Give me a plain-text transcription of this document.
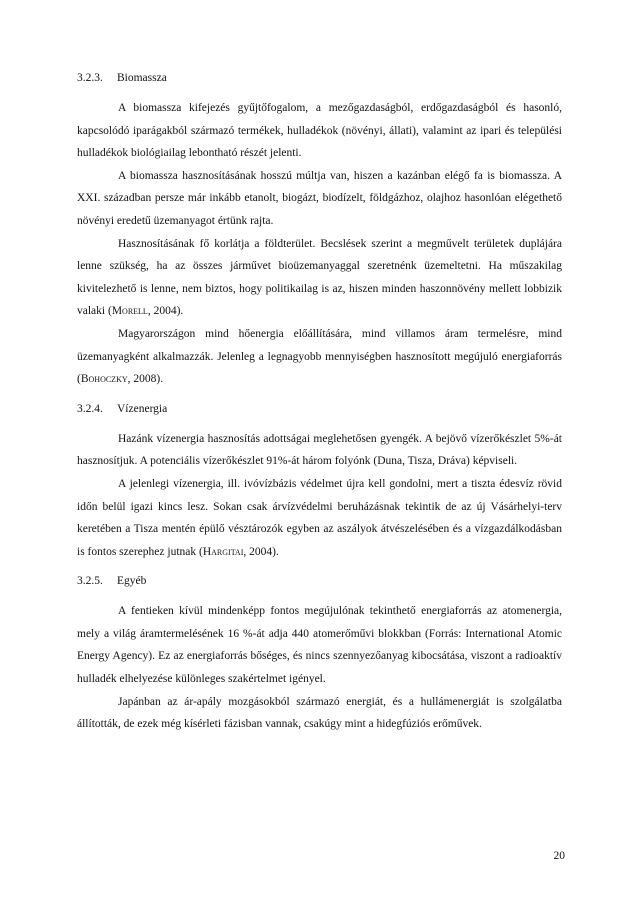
3.2.3. Biomassza

A biomassza kifejezés gyűjtőfogalom, a mezőgazdaságból, erdőgazdaságból és hasonló, kapcsolódó iparágakból származó termékek, hulladékok (növényi, állati), valamint az ipari és települési hulladékok biológiailag lebontható részét jelenti.

A biomassza hasznosításának hosszú múltja van, hiszen a kazánban elégő fa is biomassza. A XXI. században persze már inkább etanolt, biogázt, biodízelt, földgázhoz, olajhoz hasonlóan elégethető növényi eredetű üzemanyagot értünk rajta.

Hasznosításának fő korlátja a földterület. Becslések szerint a megművelt területek duplájára lenne szükség, ha az összes járművet bioüzemanyaggal szeretnénk üzemeltetni. Ha műszakilag kivitelezhető is lenne, nem biztos, hogy politikailag is az, hiszen minden haszonnövény mellett lobbizik valaki (Morell, 2004).

Magyarországon mind hőenergia előállítására, mind villamos áram termelésre, mind üzemanyagként alkalmazzák. Jelenleg a legnagyobb mennyiségben hasznosított megújuló energiaforrás (Bohoczky, 2008).

3.2.4. Vízenergia

Hazánk vízenergia hasznosítás adottságai meglehetősen gyengék. A bejövő vízerőkészlet 5%-át hasznosítjuk. A potenciális vízerőkészlet 91%-át három folyónk (Duna, Tisza, Dráva) képviseli.

A jelenlegi vízenergia, ill. ivóvízbázis védelmet újra kell gondolni, mert a tiszta édesvíz rövid időn belül igazi kincs lesz. Sokan csak árvízvédelmi beruházásnak tekintik de az új Vásárhelyi-terv keretében a Tisza mentén épülő vésztározók egyben az aszályok átvészelésében és a vízgazdálkodásban is fontos szerephez jutnak (Hargitai, 2004).

3.2.5. Egyéb

A fentieken kívül mindenképp fontos megújulónak tekinthető energiaforrás az atomenergia, mely a világ áramtermelésének 16 %-át adja 440 atomerőművi blokkban (Forrás: International Atomic Energy Agency). Ez az energiaforrás bőséges, és nincs szennyezőanyag kibocsátása, viszont a radioaktív hulladék elhelyezése különleges szakértelmet igényel.

Japánban az ár-apály mozgásokból származó energiát, és a hullámenergiát is szolgálatba állították, de ezek még kísérleti fázisban vannak, csakúgy mint a hidegfúziós erőművek.

20
